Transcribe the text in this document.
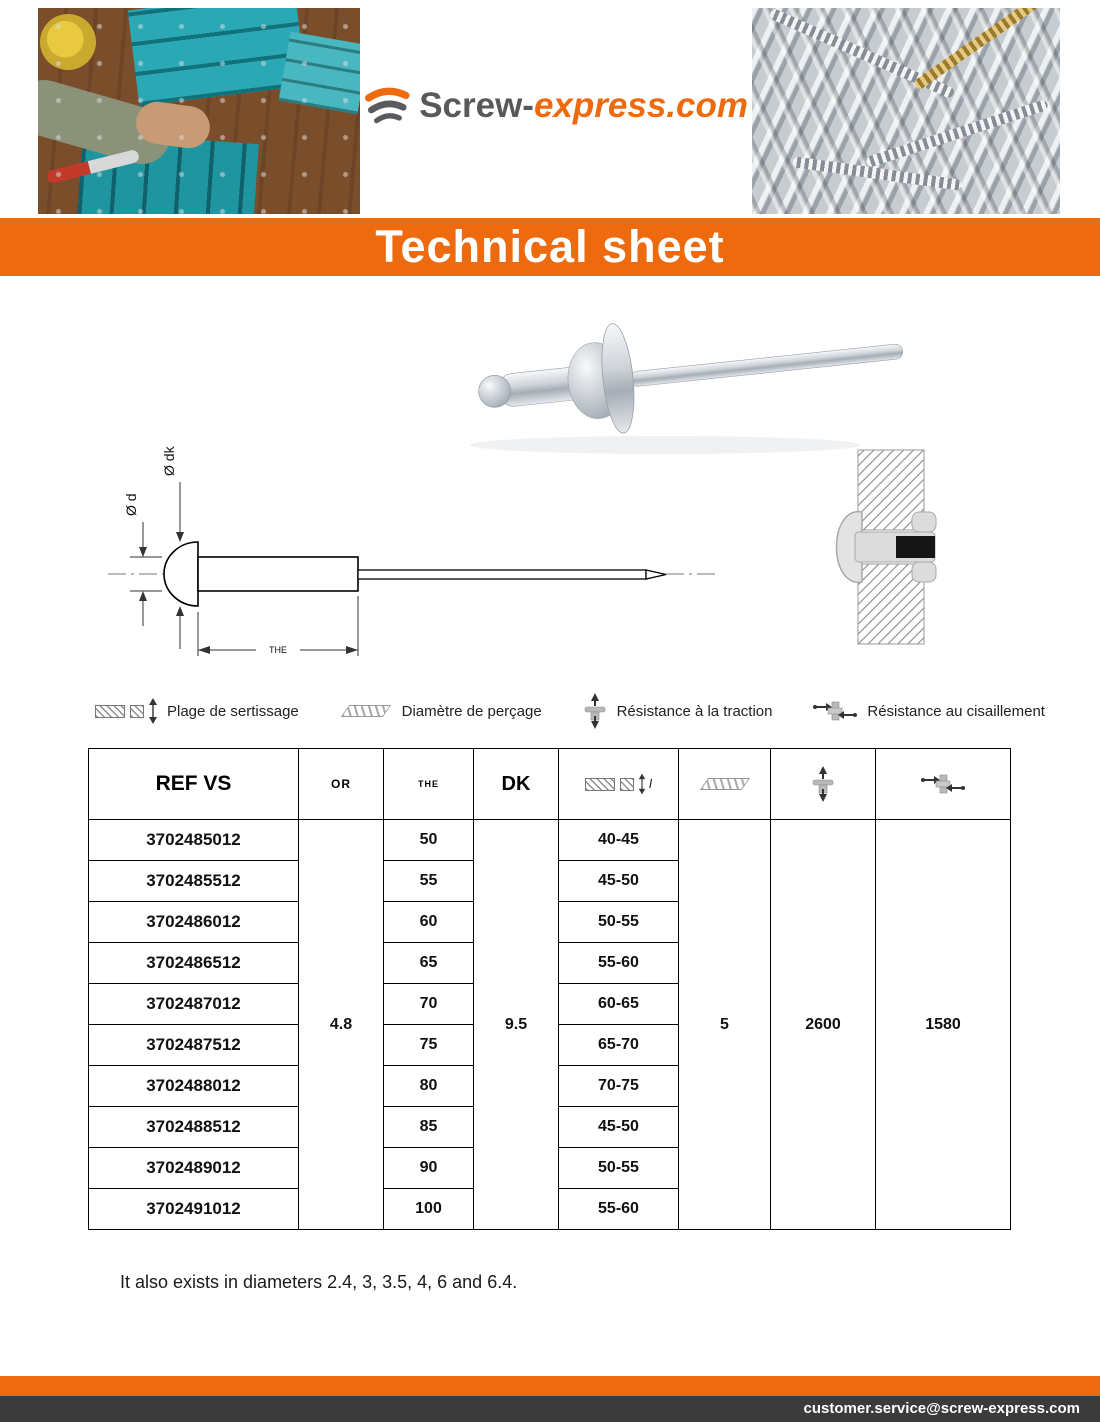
Screw-express.com
Technical sheet
Ø d
Ø dk
THE
Plage de sertissage	Diamètre de perçage	Résistance à la traction	Résistance au cisaillement
REF VS	OR	THE	DK	l

3702485012	4.8	50	9.5	40-45	5	2600	1580
3702485512		55		45-50			
3702486012		60		50-55			
3702486512		65		55-60			
3702487012		70		60-65			
3702487512		75		65-70			
3702488012		80		70-75			
3702488512		85		45-50			
3702489012		90		50-55			
3702491012		100		55-60			
It also exists in diameters 2.4, 3, 3.5, 4, 6 and 6.4.
customer.service@screw-express.com
